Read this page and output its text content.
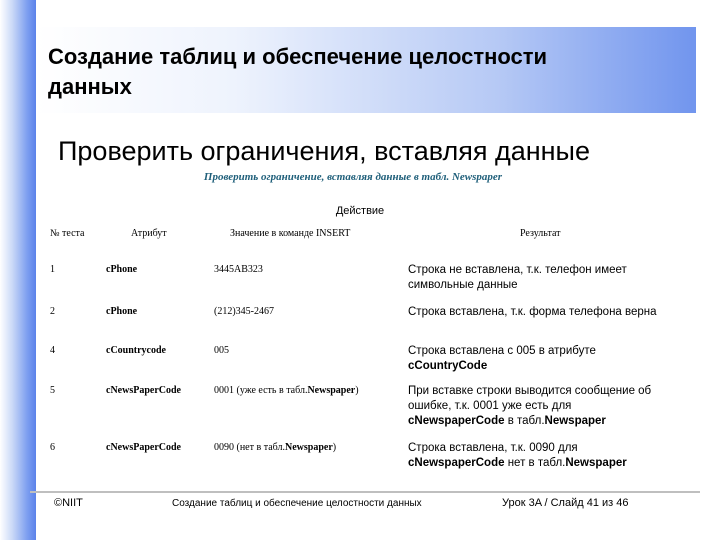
Создание таблиц и обеспечение целостности
данных
Проверить ограничения, вставляя данные
Проверить ограничение, вставляя данные в табл. Newspaper
Действие
№ теста	Атрибут	Значение в команде INSERT	Результат
1	cPhone	3445AB323	Строка не вставлена, т.к. телефон имеет
символьные данные
2	cPhone	(212)345-2467	Строка вставлена, т.к. форма телефона верна
4	cCountrycode	005	Строка вставлена с 005 в атрибуте
cCountryCode
5	cNewsPaperCode	0001 (уже есть в табл.Newspaper)	При вставке строки выводится сообщение об
ошибке, т.к. 0001 уже есть для
cNewspaperCode в табл.Newspaper
6	cNewsPaperCode	0090 (нет в табл.Newspaper)	Строка вставлена, т.к. 0090 для
cNewspaperCode нет в табл.Newspaper
©NIIT	Создание таблиц и обеспечение целостности данных	Урок 3A / Слайд 41 из 46
